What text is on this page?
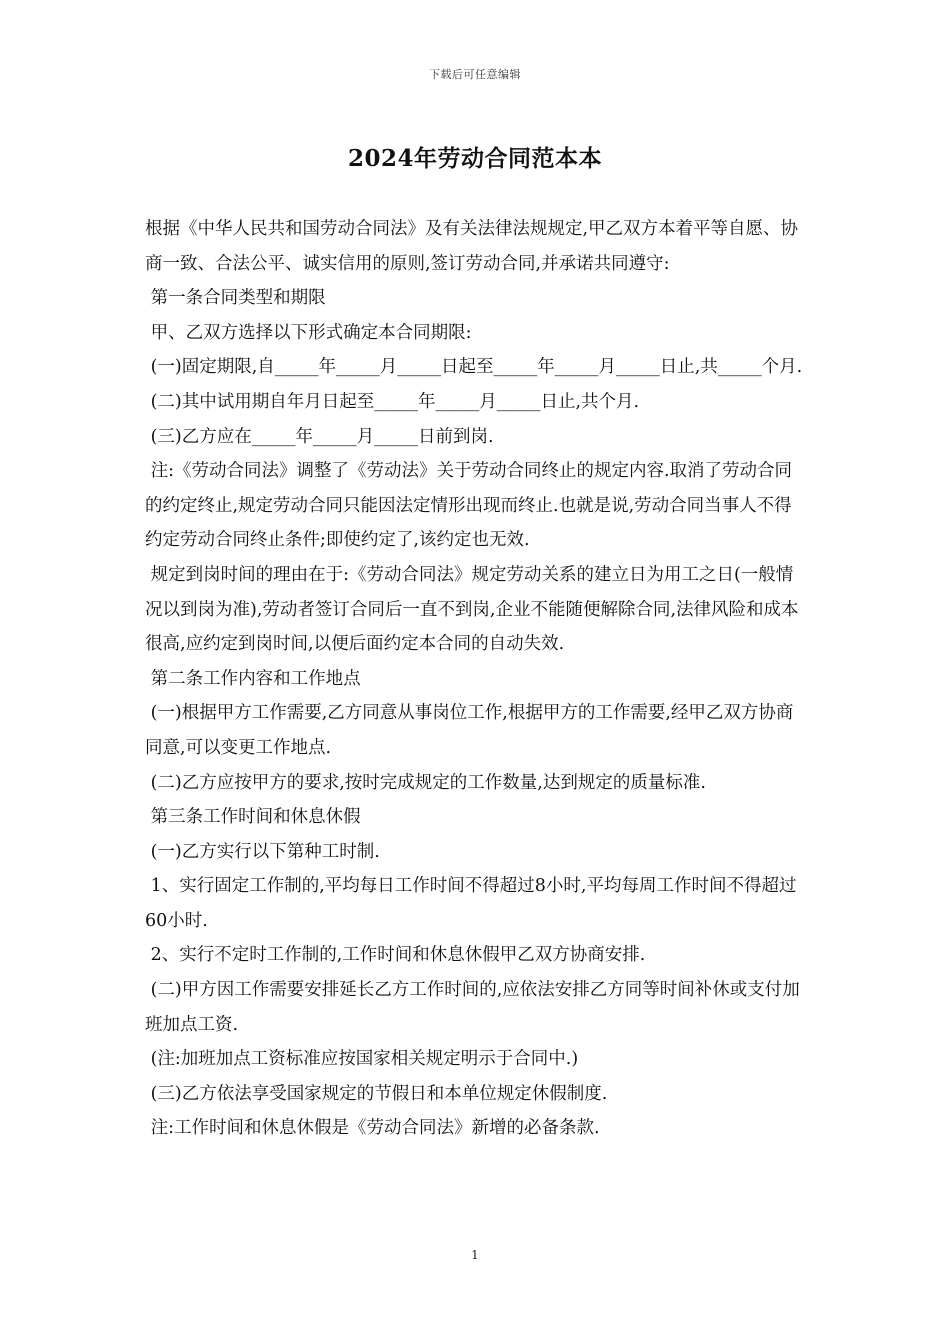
下载后可任意编辑
2024年劳动合同范本本

根据《中华人民共和国劳动合同法》及有关法律法规规定,甲乙双方本着平等自愿、协商一致、合法公平、诚实信用的原则,签订劳动合同,并承诺共同遵守:

第一条合同类型和期限

甲、乙双方选择以下形式确定本合同期限:

(一)固定期限,自_____年_____月_____日起至_____年_____月_____日止,共_____个月.

(二)其中试用期自年月日起至_____年_____月_____日止,共个月.

(三)乙方应在_____年_____月_____日前到岗.

注:《劳动合同法》调整了《劳动法》关于劳动合同终止的规定内容.取消了劳动合同的约定终止,规定劳动合同只能因法定情形出现而终止.也就是说,劳动合同当事人不得约定劳动合同终止条件;即使约定了,该约定也无效.

规定到岗时间的理由在于:《劳动合同法》规定劳动关系的建立日为用工之日(一般情况以到岗为准),劳动者签订合同后一直不到岗,企业不能随便解除合同,法律风险和成本很高,应约定到岗时间,以便后面约定本合同的自动失效.

第二条工作内容和工作地点

(一)根据甲方工作需要,乙方同意从事岗位工作,根据甲方的工作需要,经甲乙双方协商同意,可以变更工作地点.

(二)乙方应按甲方的要求,按时完成规定的工作数量,达到规定的质量标准.

第三条工作时间和休息休假

(一)乙方实行以下第种工时制.

1、实行固定工作制的,平均每日工作时间不得超过8小时,平均每周工作时间不得超过60小时.

2、实行不定时工作制的,工作时间和休息休假甲乙双方协商安排.

(二)甲方因工作需要安排延长乙方工作时间的,应依法安排乙方同等时间补休或支付加班加点工资.

(注:加班加点工资标准应按国家相关规定明示于合同中.)

(三)乙方依法享受国家规定的节假日和本单位规定休假制度.

注:工作时间和休息休假是《劳动合同法》新增的必备条款.

1
